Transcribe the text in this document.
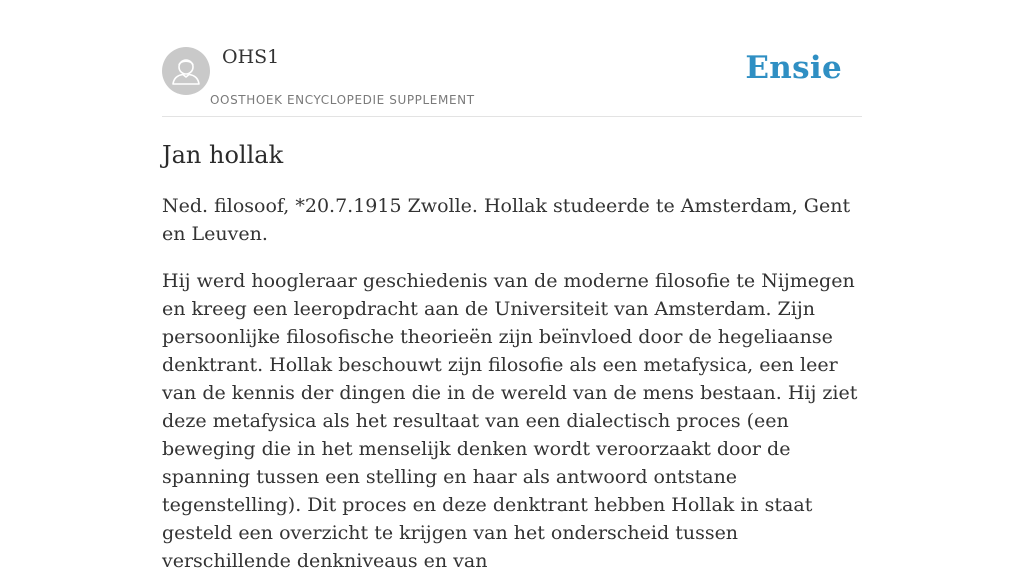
OHS1
OOSTHOEK ENCYCLOPEDIE SUPPLEMENT
Ensie
Jan hollak

Ned. filosoof, *20.7.1915 Zwolle. Hollak studeerde te Amsterdam, Gent en Leuven.

Hij werd hoogleraar geschiedenis van de moderne filosofie te Nijmegen en kreeg een leeropdracht aan de Universiteit van Amsterdam. Zijn persoonlijke filosofische theorieën zijn beïnvloed door de hegeliaanse denktrant. Hollak beschouwt zijn filosofie als een metafysica, een leer van de kennis der dingen die in de wereld van de mens bestaan. Hij ziet deze metafysica als het resultaat van een dialectisch proces (een beweging die in het menselijk denken wordt veroorzaakt door de spanning tussen een stelling en haar als antwoord ontstane tegenstelling). Dit proces en deze denktrant hebben Hollak in staat gesteld een overzicht te krijgen van het onderscheid tussen verschillende denkniveaus en van
